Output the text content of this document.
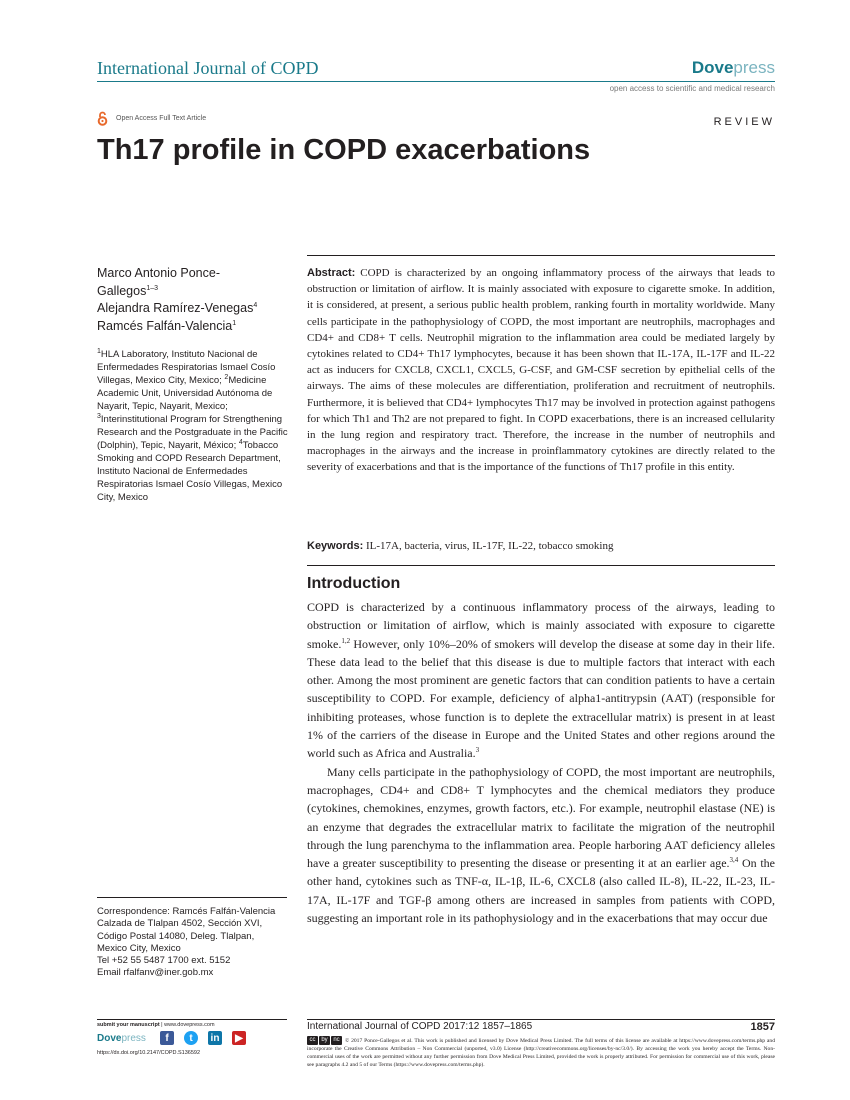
International Journal of COPD	Dovepress
open access to scientific and medical research
Open Access Full Text Article	REVIEW
Th17 profile in COPD exacerbations
Marco Antonio Ponce-
Gallegos$^{1-3}$
Alejandra Ramírez-Venegas$^4$
Ramcés Falfán-Valencia$^1$
$^1$HLA Laboratory, Instituto Nacional de Enfermedades Respiratorias Ismael Cosío Villegas, Mexico City, Mexico; $^2$Medicine Academic Unit, Universidad Autónoma de Nayarit, Tepic, Nayarit, Mexico; $^3$Interinstitutional Program for Strengthening Research and the Postgraduate in the Pacific (Dolphin), Tepic, Nayarit, México; $^4$Tobacco Smoking and COPD Research Department, Instituto Nacional de Enfermedades Respiratorias Ismael Cosío Villegas, Mexico City, Mexico
Abstract: COPD is characterized by an ongoing inflammatory process of the airways that leads to obstruction or limitation of airflow. It is mainly associated with exposure to cigarette smoke. In addition, it is considered, at present, a serious public health problem, ranking fourth in mortality worldwide. Many cells participate in the pathophysiology of COPD, the most important are neutrophils, macrophages and CD4+ and CD8+ T cells. Neutrophil migration to the inflammation area could be mediated largely by cytokines related to CD4+ Th17 lymphocytes, because it has been shown that IL-17A, IL-17F and IL-22 act as inducers for CXCL8, CXCL1, CXCL5, G-CSF, and GM-CSF secretion by epithelial cells of the airways. The aims of these molecules are differentiation, proliferation and recruitment of neutrophils. Furthermore, it is believed that CD4+ lymphocytes Th17 may be involved in protection against pathogens for which Th1 and Th2 are not prepared to fight. In COPD exacerbations, there is an increased cellularity in the lung region and respiratory tract. Therefore, the increase in the number of neutrophils and macrophages in the airways and the increase in proinflammatory cytokines are directly related to the severity of exacerbations and that is the importance of the functions of Th17 profile in this entity.
Keywords: IL-17A, bacteria, virus, IL-17F, IL-22, tobacco smoking
Introduction

COPD is characterized by a continuous inflammatory process of the airways, leading to obstruction or limitation of airflow, which is mainly associated with exposure to cigarette smoke.$^{1,2}$ However, only 10%–20% of smokers will develop the disease at some day in their life. These data lead to the belief that this disease is due to multiple factors that interact with each other. Among the most prominent are genetic factors that can condition patients to have a certain susceptibility to COPD. For example, deficiency of alpha1-antitrypsin (AAT) (responsible for inhibiting proteases, whose function is to deplete the extracellular matrix) is present in at least 1% of the carriers of the disease in Europe and the United States and other regions around the world such as Africa and Australia.$^3$

Many cells participate in the pathophysiology of COPD, the most important are neutrophils, macrophages, CD4+ and CD8+ T lymphocytes and the chemical mediators they produce (cytokines, chemokines, enzymes, growth factors, etc.). For example, neutrophil elastase (NE) is an enzyme that degrades the extracellular matrix to facilitate the migration of the neutrophil through the lung parenchyma to the inflammation area. People harboring AAT deficiency alleles have a greater susceptibility to presenting the disease or presenting it at an earlier age.$^{3,4}$ On the other hand, cytokines such as TNF-α, IL-1β, IL-6, CXCL8 (also called IL-8), IL-22, IL-23, IL-17A, IL-17F and TGF-β among others are increased in samples from patients with COPD, suggesting an important role in its pathophysiology and in the exacerbations that may occur due

Correspondence: Ramcés Falfán-Valencia
Calzada de Tlalpan 4502, Sección XVI,
Código Postal 14080, Deleg. Tlalpan,
Mexico City, Mexico
Tel +52 55 5487 1700 ext. 5152
Email rfalfanv@iner.gob.mx
submit your manuscript | www.dovepress.com
Dovepress	f	t	in	▶
https://dx.doi.org/10.2147/COPD.S136592
International Journal of COPD 2017:12 1857–1865	1857
cc by nc © 2017 Ponce-Gallegos et al. This work is published and licensed by Dove Medical Press Limited. The full terms of this license are available at https://www.dovepress.com/terms.php and incorporate the Creative Commons Attribution – Non Commercial (unported, v3.0) License (http://creativecommons.org/licenses/by-nc/3.0/). By accessing the work you hereby accept the Terms. Non-commercial uses of the work are permitted without any further permission from Dove Medical Press Limited, provided the work is properly attributed. For permission for commercial use of this work, please see paragraphs 4.2 and 5 of our Terms (https://www.dovepress.com/terms.php).
